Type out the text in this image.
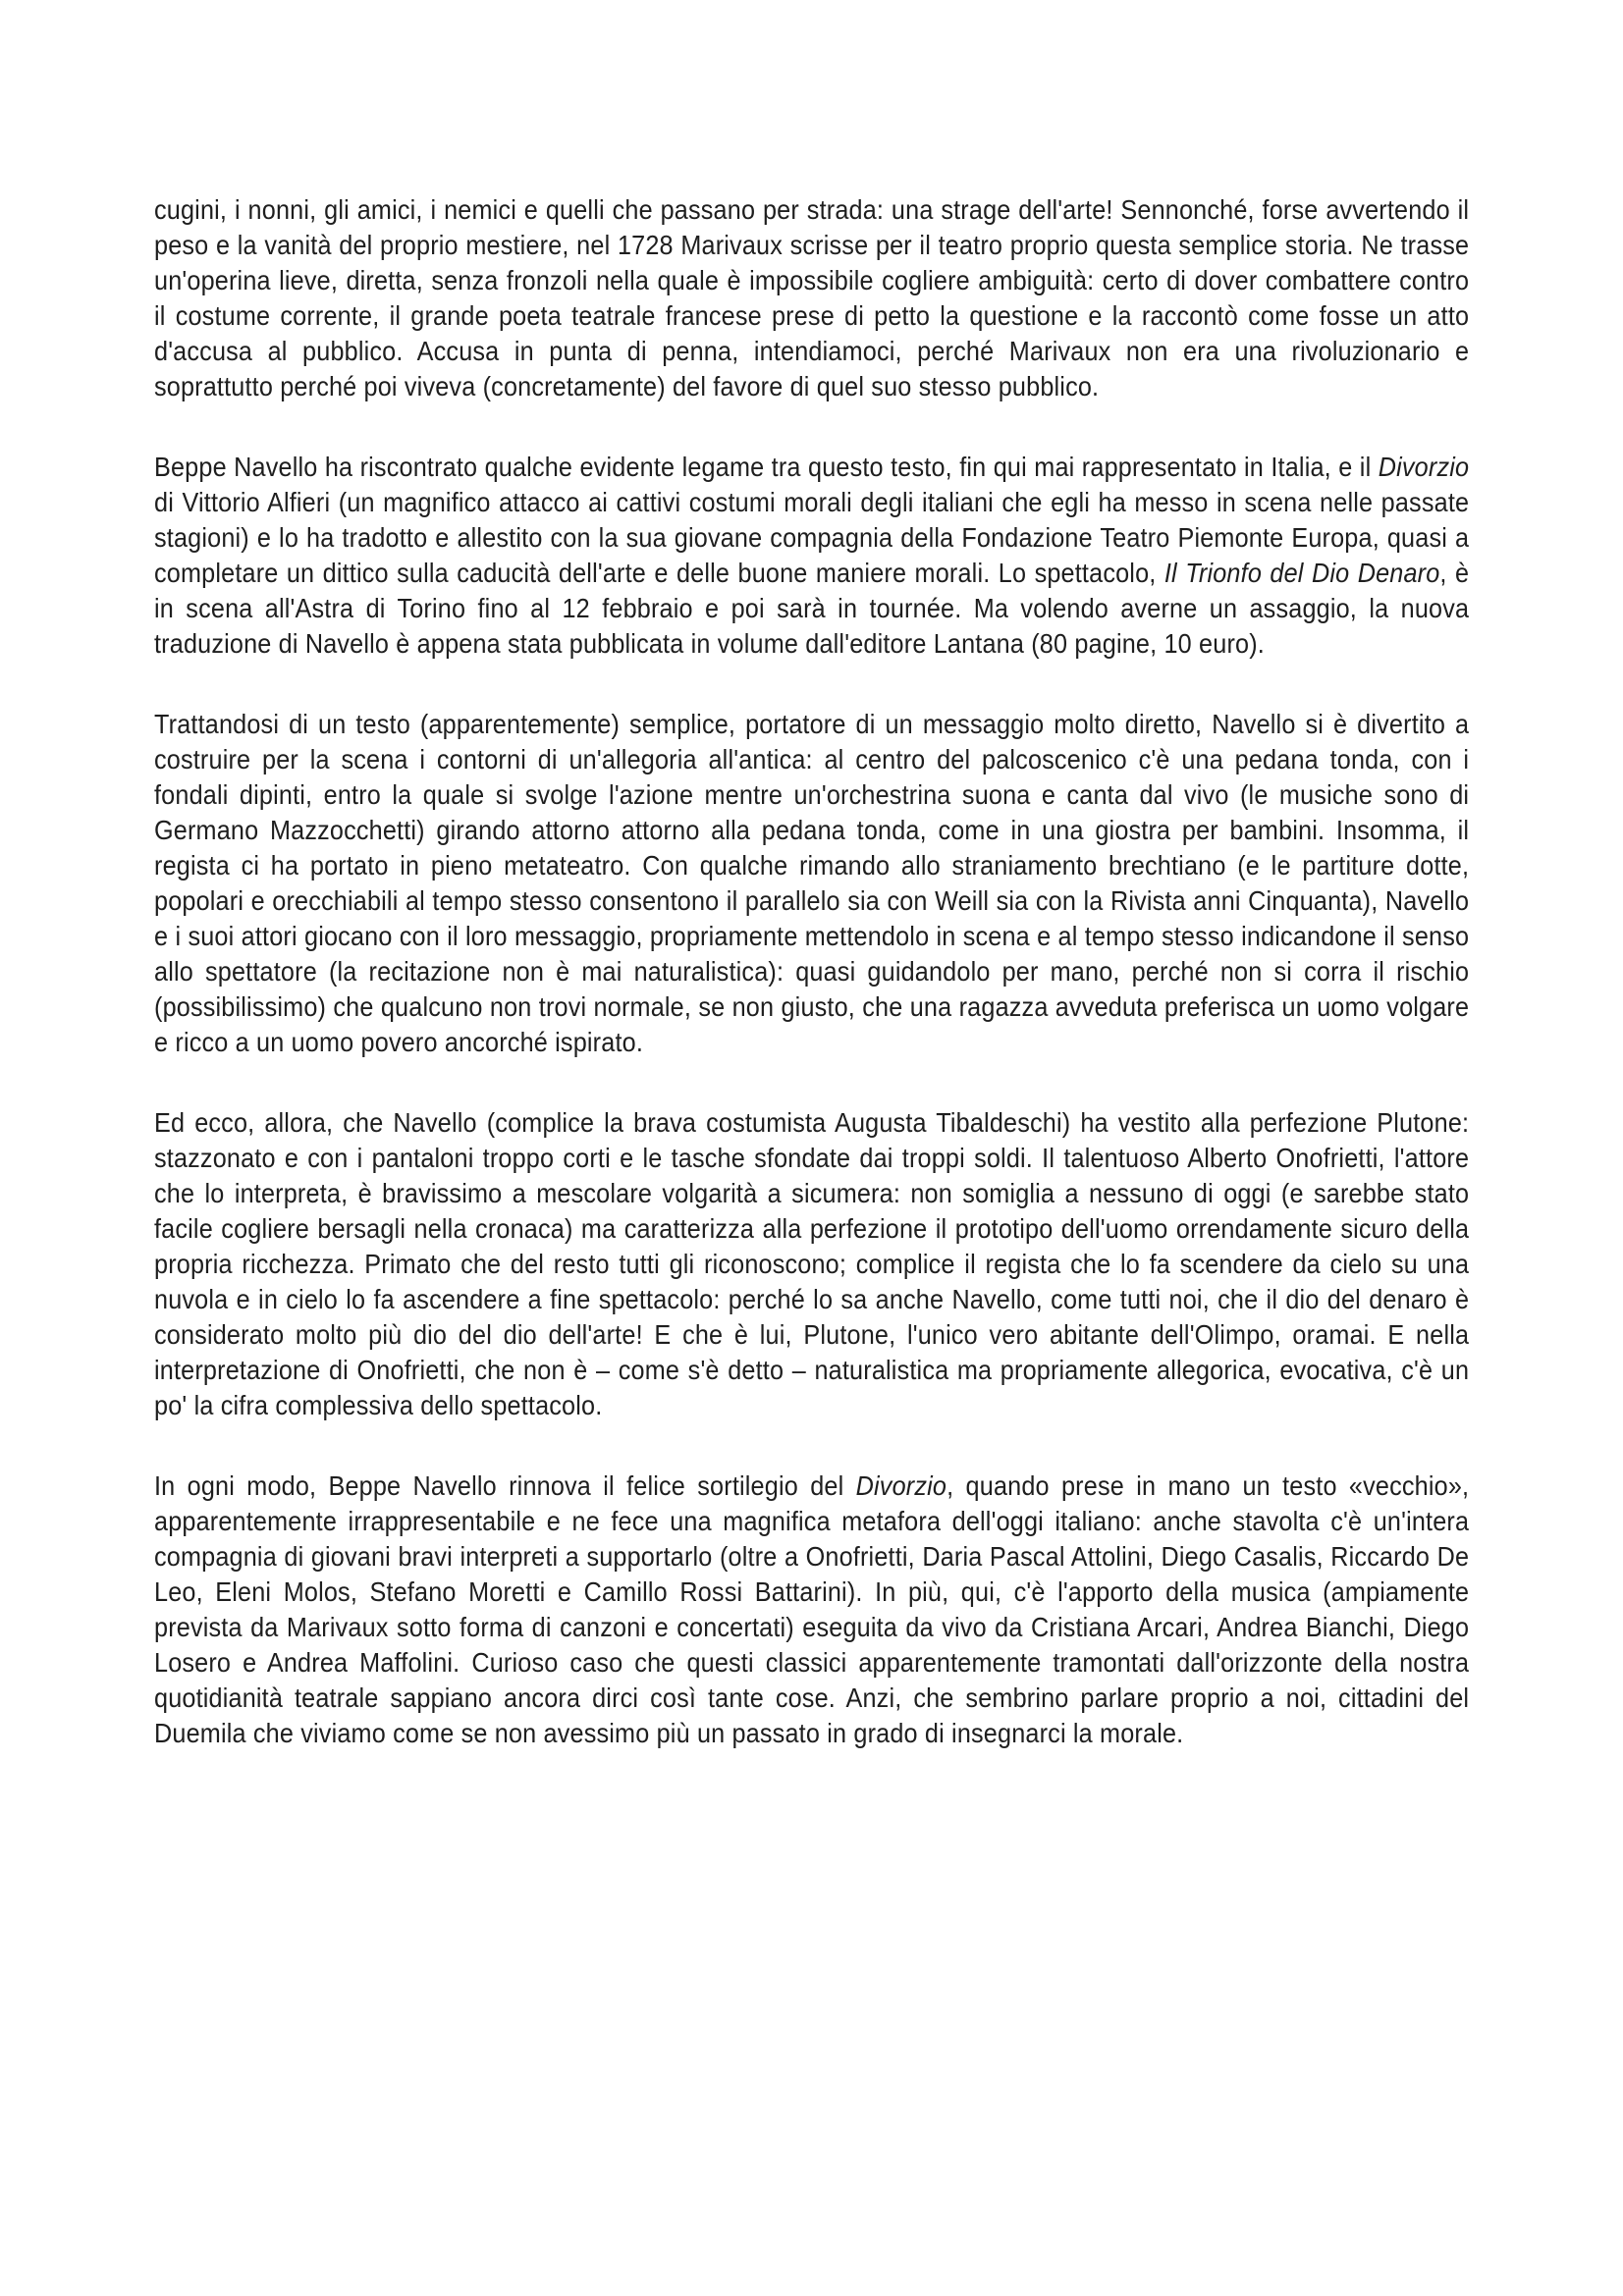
cugini, i nonni, gli amici, i nemici e quelli che passano per strada: una strage dell'arte! Sennonché, forse avvertendo il peso e la vanità del proprio mestiere, nel 1728 Marivaux scrisse per il teatro proprio questa semplice storia. Ne trasse un'operina lieve, diretta, senza fronzoli nella quale è impossibile cogliere ambiguità: certo di dover combattere contro il costume corrente, il grande poeta teatrale francese prese di petto la questione e la raccontò come fosse un atto d'accusa al pubblico. Accusa in punta di penna, intendiamoci, perché Marivaux non era una rivoluzionario e soprattutto perché poi viveva (concretamente) del favore di quel suo stesso pubblico.

Beppe Navello ha riscontrato qualche evidente legame tra questo testo, fin qui mai rappresentato in Italia, e il Divorzio di Vittorio Alfieri (un magnifico attacco ai cattivi costumi morali degli italiani che egli ha messo in scena nelle passate stagioni) e lo ha tradotto e allestito con la sua giovane compagnia della Fondazione Teatro Piemonte Europa, quasi a completare un dittico sulla caducità dell'arte e delle buone maniere morali. Lo spettacolo, Il Trionfo del Dio Denaro, è in scena all'Astra di Torino fino al 12 febbraio e poi sarà in tournée. Ma volendo averne un assaggio, la nuova traduzione di Navello è appena stata pubblicata in volume dall'editore Lantana (80 pagine, 10 euro).

Trattandosi di un testo (apparentemente) semplice, portatore di un messaggio molto diretto, Navello si è divertito a costruire per la scena i contorni di un'allegoria all'antica: al centro del palcoscenico c'è una pedana tonda, con i fondali dipinti, entro la quale si svolge l'azione mentre un'orchestrina suona e canta dal vivo (le musiche sono di Germano Mazzocchetti) girando attorno attorno alla pedana tonda, come in una giostra per bambini. Insomma, il regista ci ha portato in pieno metateatro. Con qualche rimando allo straniamento brechtiano (e le partiture dotte, popolari e orecchiabili al tempo stesso consentono il parallelo sia con Weill sia con la Rivista anni Cinquanta), Navello e i suoi attori giocano con il loro messaggio, propriamente mettendolo in scena e al tempo stesso indicandone il senso allo spettatore (la recitazione non è mai naturalistica): quasi guidandolo per mano, perché non si corra il rischio (possibilissimo) che qualcuno non trovi normale, se non giusto, che una ragazza avveduta preferisca un uomo volgare e ricco a un uomo povero ancorché ispirato.

Ed ecco, allora, che Navello (complice la brava costumista Augusta Tibaldeschi) ha vestito alla perfezione Plutone: stazzonato e con i pantaloni troppo corti e le tasche sfondate dai troppi soldi. Il talentuoso Alberto Onofrietti, l'attore che lo interpreta, è bravissimo a mescolare volgarità a sicumera: non somiglia a nessuno di oggi (e sarebbe stato facile cogliere bersagli nella cronaca) ma caratterizza alla perfezione il prototipo dell'uomo orrendamente sicuro della propria ricchezza. Primato che del resto tutti gli riconoscono; complice il regista che lo fa scendere da cielo su una nuvola e in cielo lo fa ascendere a fine spettacolo: perché lo sa anche Navello, come tutti noi, che il dio del denaro è considerato molto più dio del dio dell'arte! E che è lui, Plutone, l'unico vero abitante dell'Olimpo, oramai. E nella interpretazione di Onofrietti, che non è – come s'è detto – naturalistica ma propriamente allegorica, evocativa, c'è un po' la cifra complessiva dello spettacolo.

In ogni modo, Beppe Navello rinnova il felice sortilegio del Divorzio, quando prese in mano un testo «vecchio», apparentemente irrappresentabile e ne fece una magnifica metafora dell'oggi italiano: anche stavolta c'è un'intera compagnia di giovani bravi interpreti a supportarlo (oltre a Onofrietti, Daria Pascal Attolini, Diego Casalis, Riccardo De Leo, Eleni Molos, Stefano Moretti e Camillo Rossi Battarini). In più, qui, c'è l'apporto della musica (ampiamente prevista da Marivaux sotto forma di canzoni e concertati) eseguita da vivo da Cristiana Arcari, Andrea Bianchi, Diego Losero e Andrea Maffolini. Curioso caso che questi classici apparentemente tramontati dall'orizzonte della nostra quotidianità teatrale sappiano ancora dirci così tante cose. Anzi, che sembrino parlare proprio a noi, cittadini del Duemila che viviamo come se non avessimo più un passato in grado di insegnarci la morale.
